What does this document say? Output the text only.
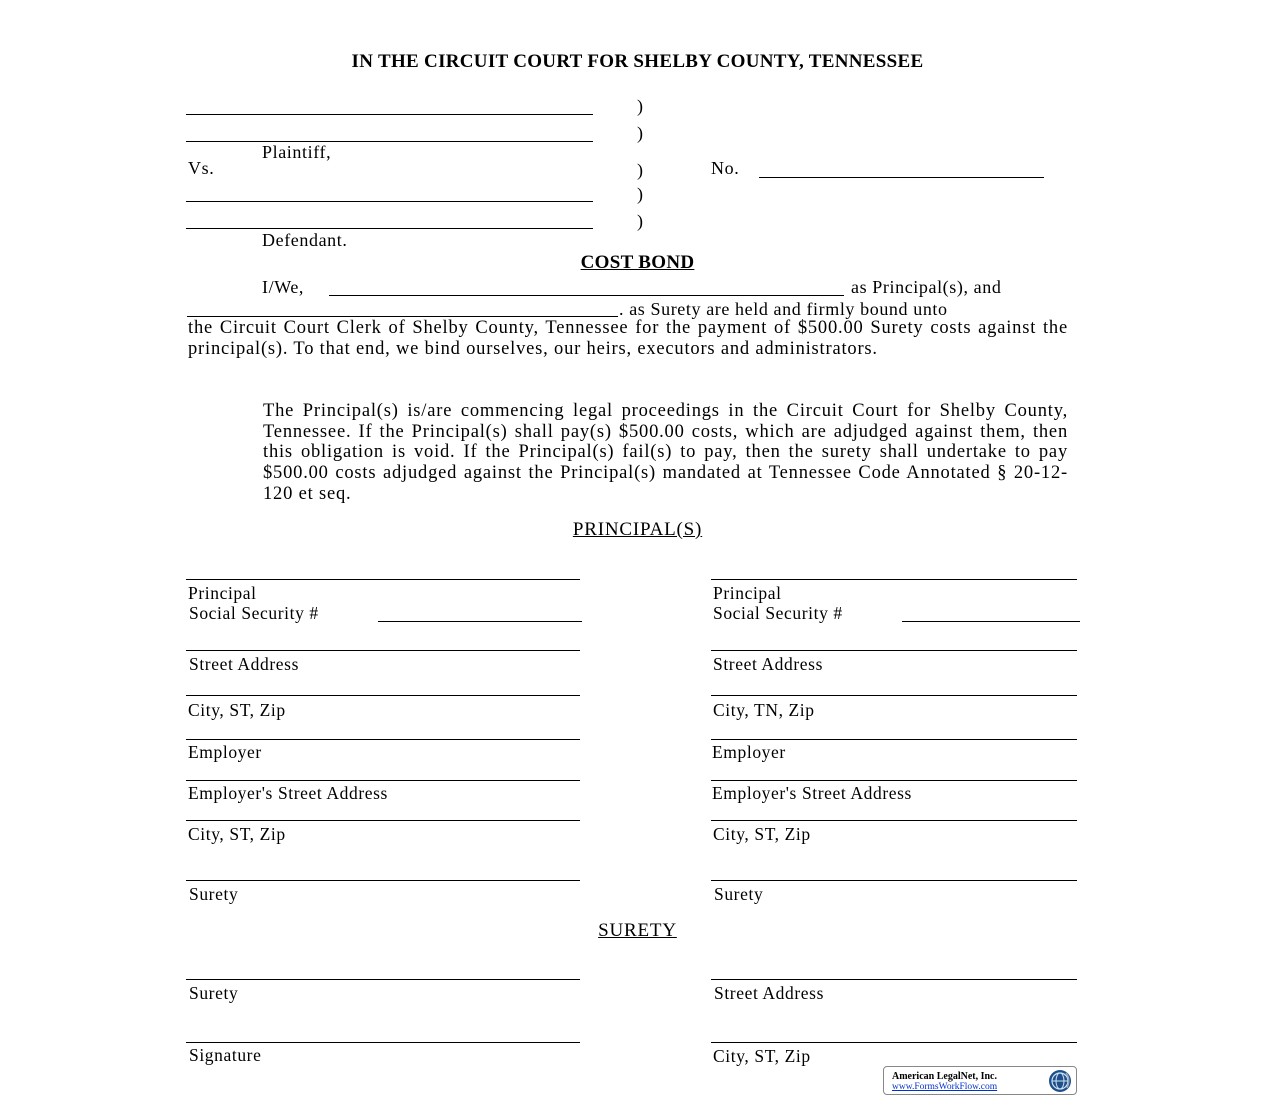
IN THE CIRCUIT COURT FOR SHELBY COUNTY, TENNESSEE
)
)
)
)
)
Plaintiff,
Vs.	No.
Defendant.
COST BOND
I/We,	as Principal(s), and
. as Surety are held and firmly bound unto
the Circuit Court Clerk of Shelby County, Tennessee for the payment of $500.00 Surety costs against the principal(s). To that end, we bind ourselves, our heirs, executors and administrators.
The Principal(s) is/are commencing legal proceedings in the Circuit Court for Shelby County, Tennessee. If the Principal(s) shall pay(s) $500.00 costs, which are adjudged against them, then this obligation is void. If the Principal(s) fail(s) to pay, then the surety shall undertake to pay $500.00 costs adjudged against the Principal(s) mandated at Tennessee Code Annotated § 20-12-120 et seq.
PRINCIPAL(S)
Principal
Social Security #
Street Address
City, ST, Zip
Employer
Employer's Street Address
City, ST, Zip
Surety
Principal
Social Security #
Street Address
City, TN, Zip
Employer
Employer's Street Address
City, ST, Zip
Surety
SURETY
Surety
Signature
Street Address
City, ST, Zip
American LegalNet, Inc.
www.FormsWorkFlow.com
